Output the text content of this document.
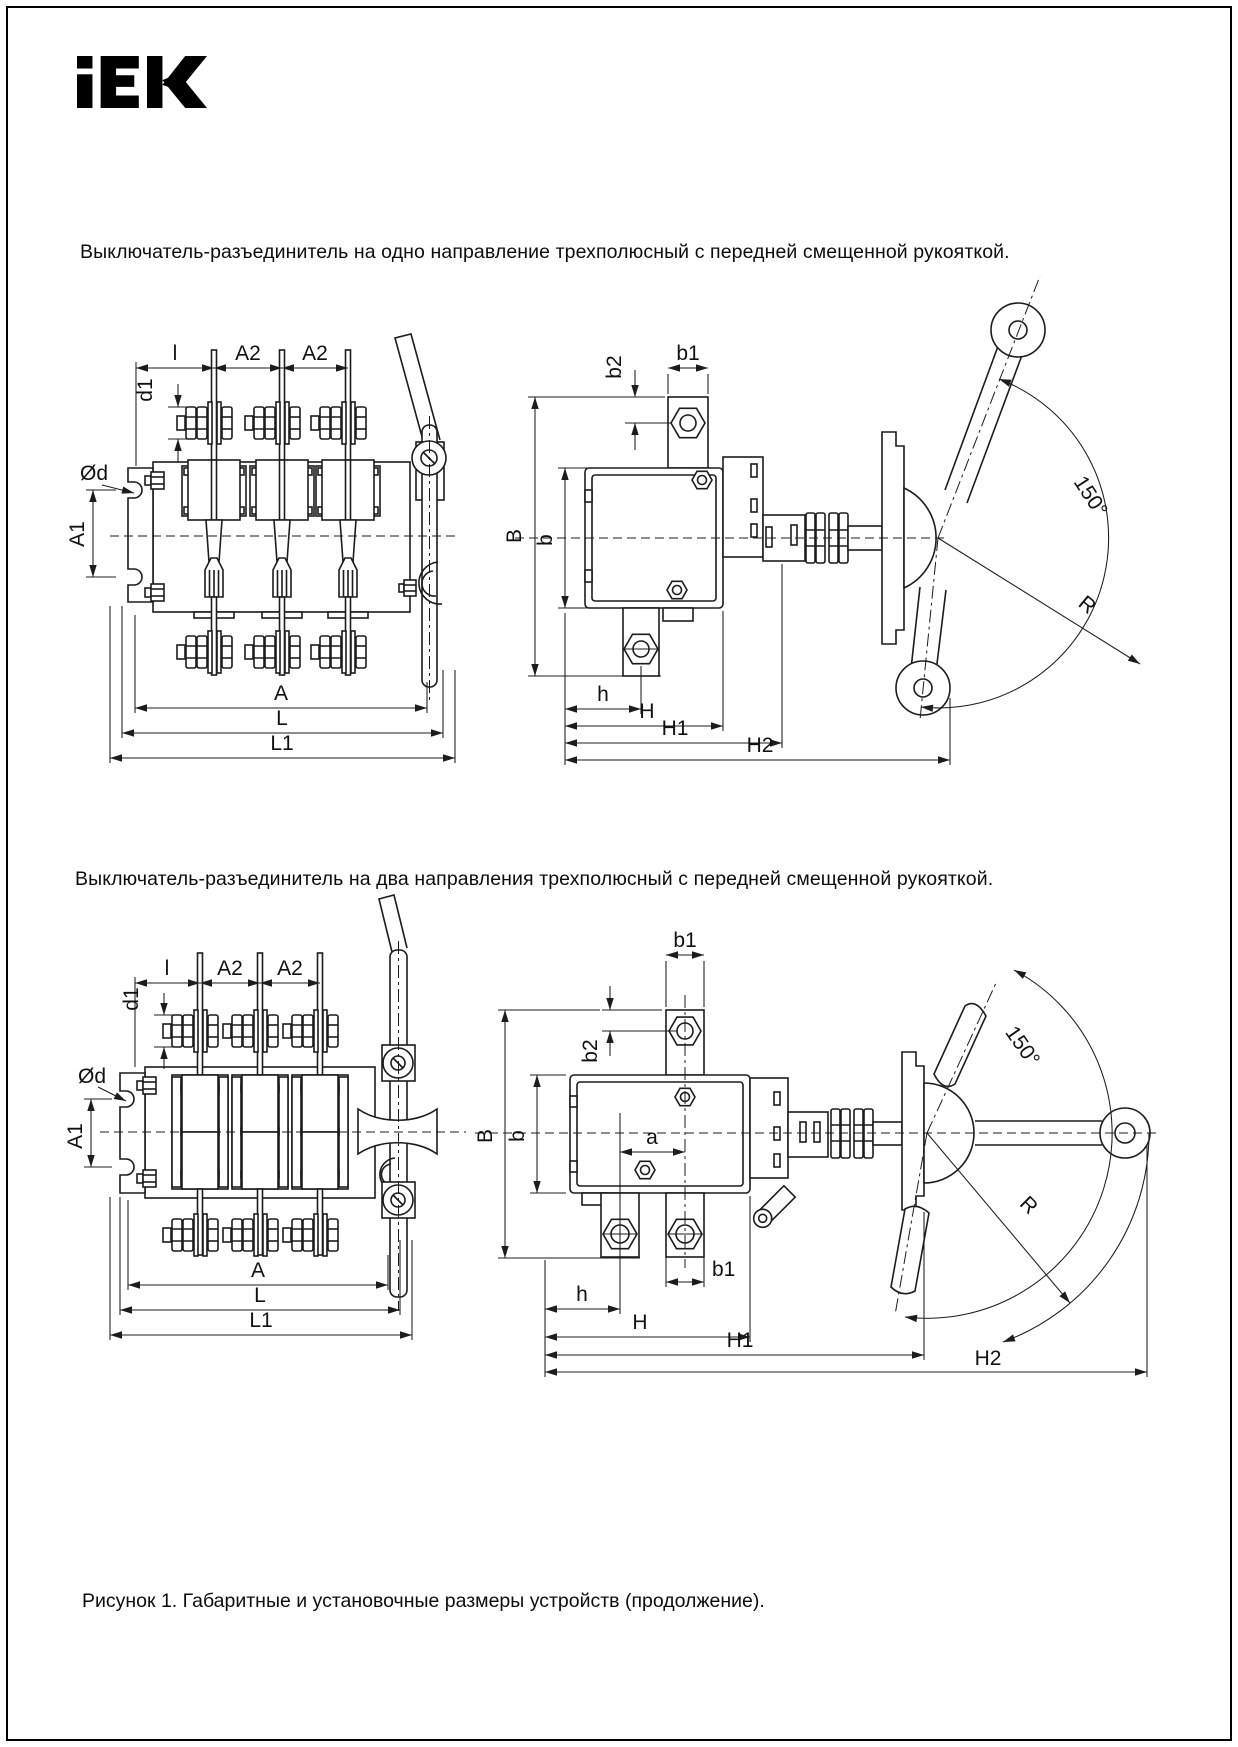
Выключатель-разъединитель на одно направление трехполюсный с передней смещенной рукояткой.
Выключатель-разъединитель на два направления трехполюсный с передней смещенной рукояткой.
Рисунок 1. Габаритные и установочные размеры устройств (продолжение).
l	A2 A2
d1
Ød
A1
A
L
L1
150°
R
b1
b2
B b
h
H
H1
H2
l A2 A2
d1
Ød
A1
A
L
L1
150°
R
b1
b2
B b	a
b1
h
H
H1
H2
